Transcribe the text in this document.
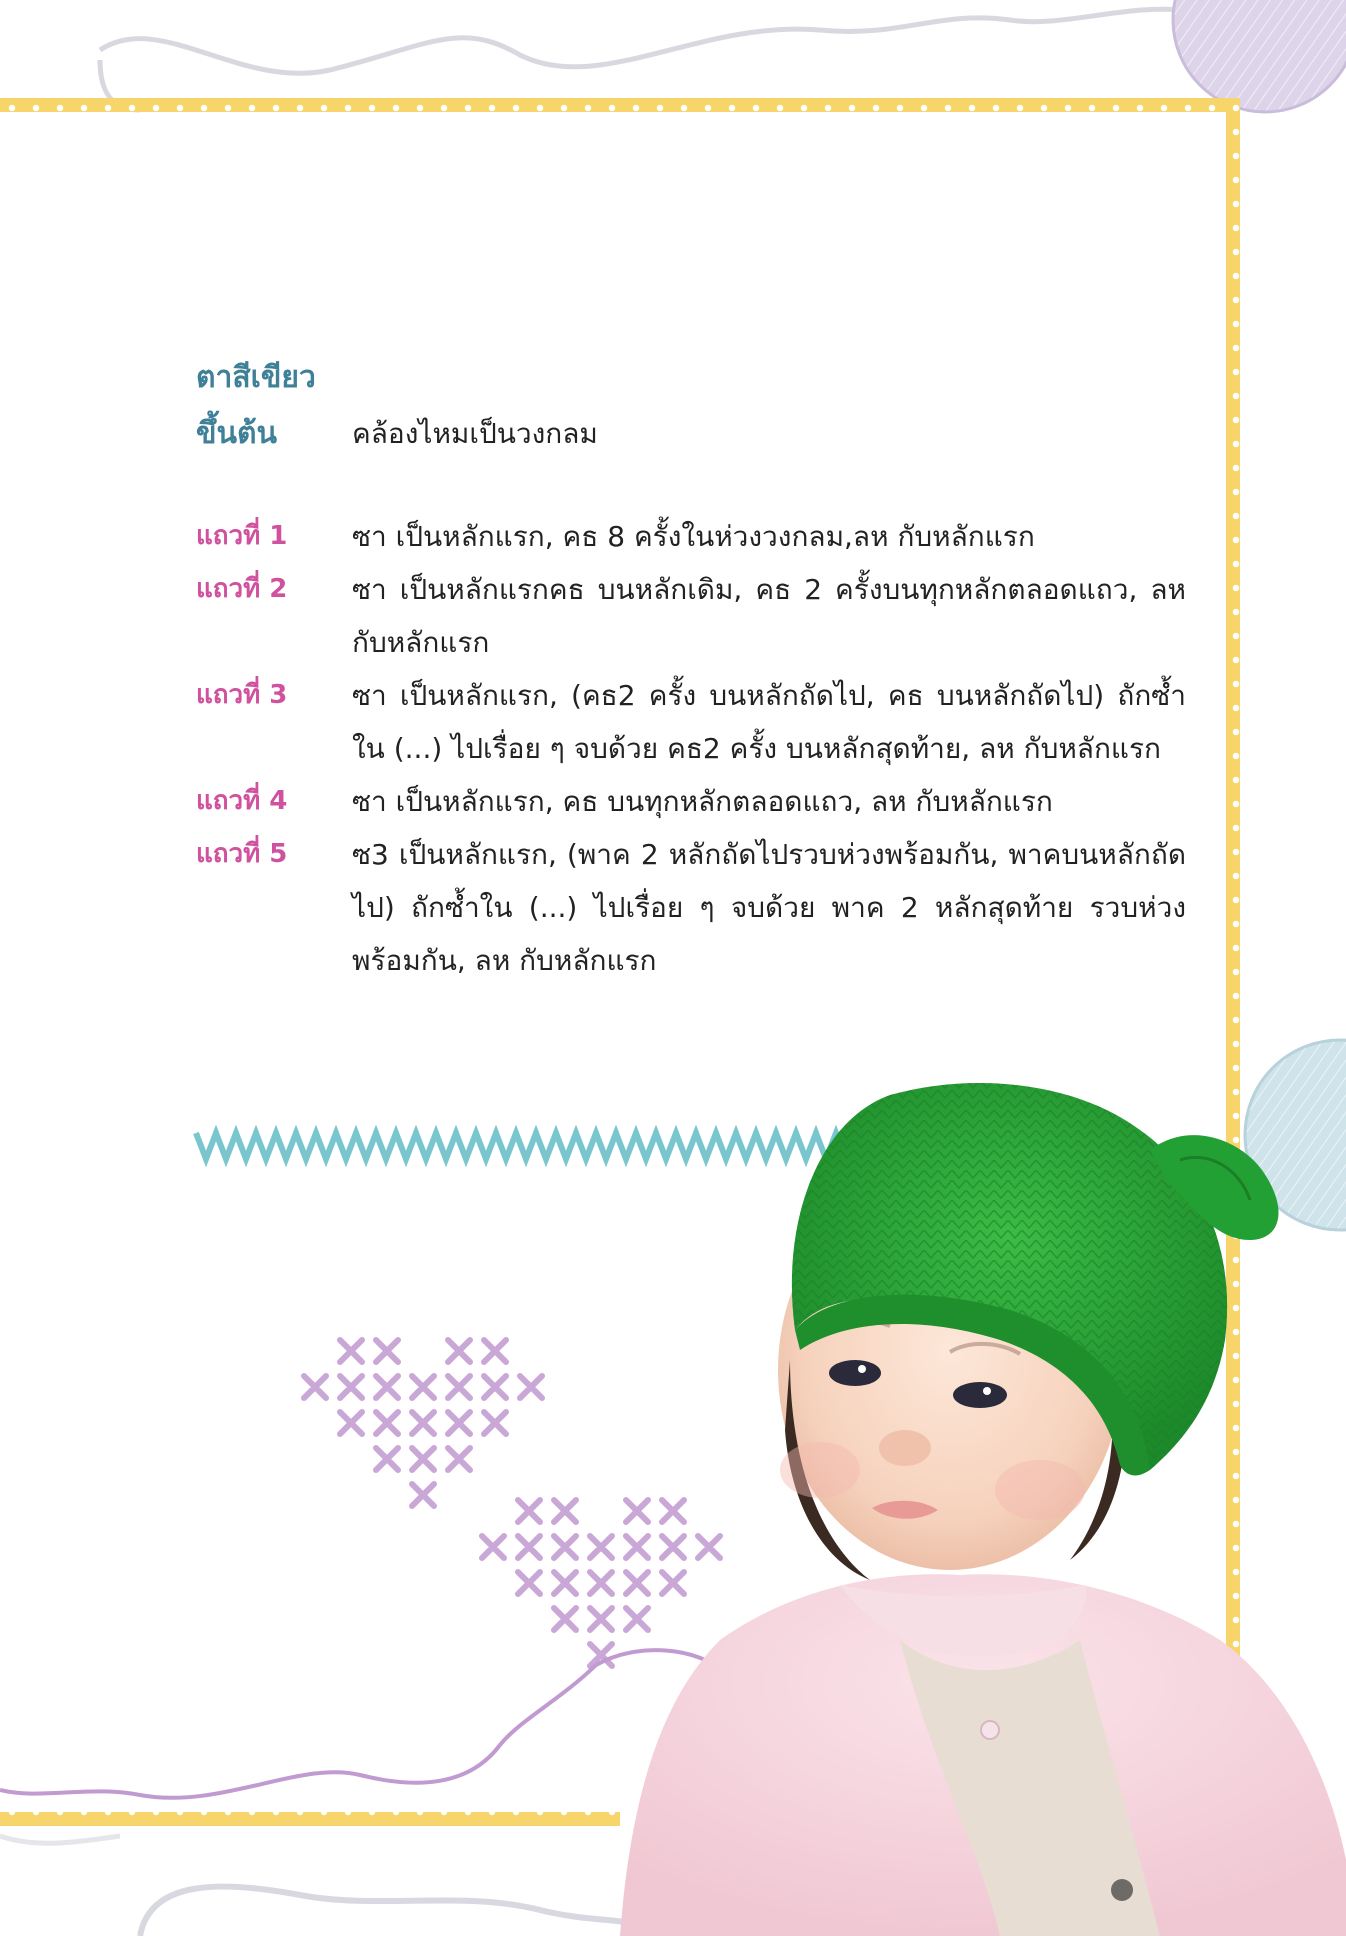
ตาสีเขียว
ขึ้นต้น	คล้องไหมเป็นวงกลม
แถวที่ 1	ซา เป็นหลักแรก, คธ 8 ครั้งในห่วงวงกลม,ลห กับหลักแรก
แถวที่ 2	ซา เป็นหลักแรกคธ บนหลักเดิม, คธ 2 ครั้งบนทุกหลักตลอดแถว, ลห กับหลักแรก
แถวที่ 3	ซา เป็นหลักแรก, (คธ2 ครั้ง บนหลักถัดไป, คธ บนหลักถัดไป) ถักซ้ำใน (...) ไปเรื่อย ๆ จบด้วย คธ2 ครั้ง บนหลักสุดท้าย, ลห กับหลักแรก
แถวที่ 4	ซา เป็นหลักแรก, คธ บนทุกหลักตลอดแถว, ลห กับหลักแรก
แถวที่ 5	ซ3 เป็นหลักแรก, (พาค 2 หลักถัดไปรวบห่วงพร้อมกัน, พาคบนหลักถัดไป) ถักซ้ำใน (...) ไปเรื่อย ๆ จบด้วย พาค 2 หลักสุดท้าย รวบห่วงพร้อมกัน, ลห กับหลักแรก
